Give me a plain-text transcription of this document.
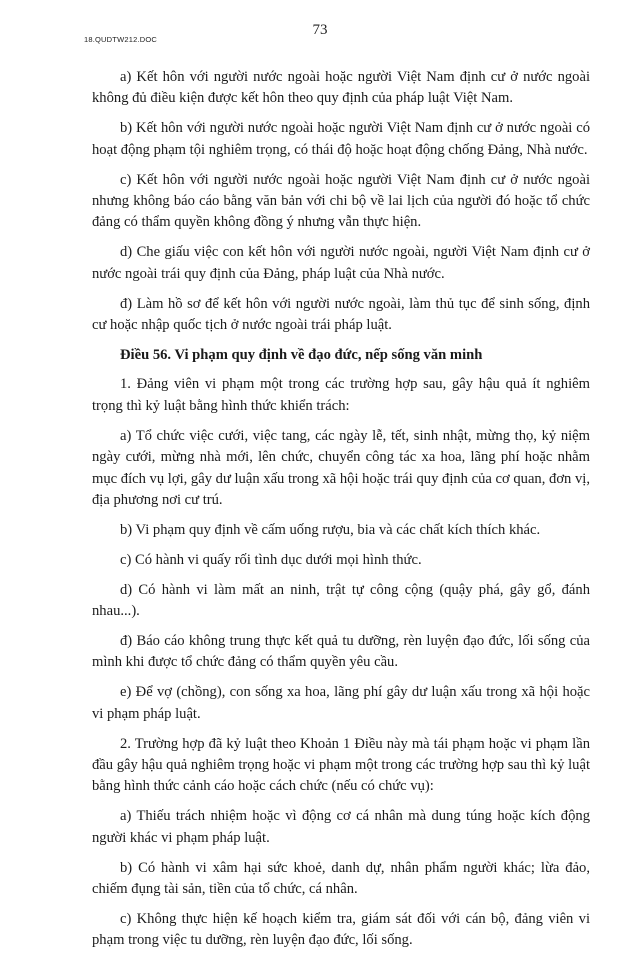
18.QUDTW212.DOC
73

a) Kết hôn với người nước ngoài hoặc người Việt Nam định cư ở nước ngoài không đủ điều kiện được kết hôn theo quy định của pháp luật Việt Nam.

b) Kết hôn với người nước ngoài hoặc người Việt Nam định cư ở nước ngoài có hoạt động phạm tội nghiêm trọng, có thái độ hoặc hoạt động chống Đảng, Nhà nước.

c) Kết hôn với người nước ngoài hoặc người Việt Nam định cư ở nước ngoài nhưng không báo cáo bằng văn bản với chi bộ về lai lịch của người đó hoặc tổ chức đảng có thẩm quyền không đồng ý nhưng vẫn thực hiện.

d) Che giấu việc con kết hôn với người nước ngoài, người Việt Nam định cư ở nước ngoài trái quy định của Đảng, pháp luật của Nhà nước.

đ) Làm hồ sơ để kết hôn với người nước ngoài, làm thủ tục để sinh sống, định cư hoặc nhập quốc tịch ở nước ngoài trái pháp luật.

Điều 56. Vi phạm quy định về đạo đức, nếp sống văn minh

1. Đảng viên vi phạm một trong các trường hợp sau, gây hậu quả ít nghiêm trọng thì kỷ luật bằng hình thức khiển trách:

a) Tổ chức việc cưới, việc tang, các ngày lễ, tết, sinh nhật, mừng thọ, kỷ niệm ngày cưới, mừng nhà mới, lên chức, chuyển công tác xa hoa, lãng phí hoặc nhằm mục đích vụ lợi, gây dư luận xấu trong xã hội hoặc trái quy định của cơ quan, đơn vị, địa phương nơi cư trú.

b) Vi phạm quy định về cấm uống rượu, bia và các chất kích thích khác.

c) Có hành vi quấy rối tình dục dưới mọi hình thức.

d) Có hành vi làm mất an ninh, trật tự công cộng (quậy phá, gây gổ, đánh nhau...).

đ) Báo cáo không trung thực kết quả tu dưỡng, rèn luyện đạo đức, lối sống của mình khi được tổ chức đảng có thẩm quyền yêu cầu.

e) Để vợ (chồng), con sống xa hoa, lãng phí gây dư luận xấu trong xã hội hoặc vi phạm pháp luật.

2. Trường hợp đã kỷ luật theo Khoản 1 Điều này mà tái phạm hoặc vi phạm lần đầu gây hậu quả nghiêm trọng hoặc vi phạm một trong các trường hợp sau thì kỷ luật bằng hình thức cảnh cáo hoặc cách chức (nếu có chức vụ):

a) Thiếu trách nhiệm hoặc vì động cơ cá nhân mà dung túng hoặc kích động người khác vi phạm pháp luật.

b) Có hành vi xâm hại sức khoẻ, danh dự, nhân phẩm người khác; lừa đảo, chiếm đụng tài sản, tiền của tổ chức, cá nhân.

c) Không thực hiện kế hoạch kiểm tra, giám sát đối với cán bộ, đảng viên vi phạm trong việc tu dưỡng, rèn luyện đạo đức, lối sống.
